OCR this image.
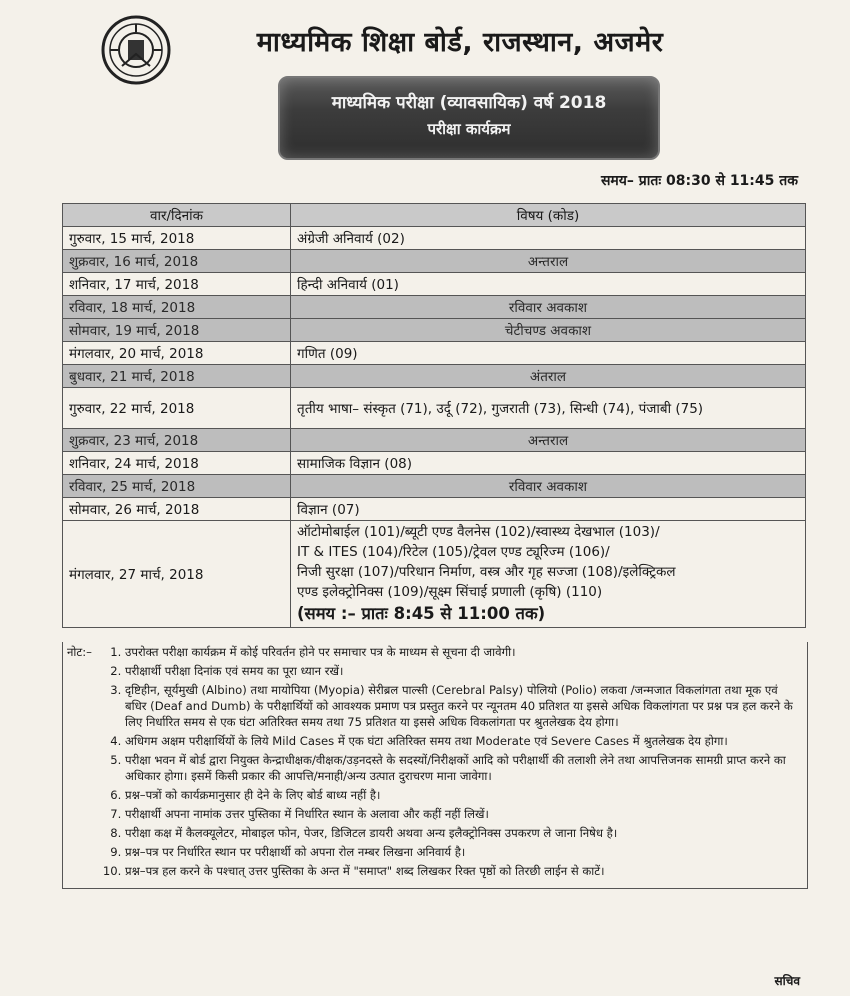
माध्यमिक शिक्षा बोर्ड, राजस्थान, अजमेर
माध्यमिक परीक्षा (व्यावसायिक) वर्ष 2018
परीक्षा कार्यक्रम
समय– प्रातः 08:30 से 11:45 तक
वार/दिनांक	विषय (कोड)
गुरुवार, 15 मार्च, 2018	अंग्रेजी अनिवार्य (02)
शुक्रवार, 16 मार्च, 2018	अन्तराल
शनिवार, 17 मार्च, 2018	हिन्दी अनिवार्य (01)
रविवार, 18 मार्च, 2018	रविवार अवकाश
सोमवार, 19 मार्च, 2018	चेटीचण्ड अवकाश
मंगलवार, 20 मार्च, 2018	गणित (09)
बुधवार, 21 मार्च, 2018	अंतराल
गुरुवार, 22 मार्च, 2018	तृतीय भाषा– संस्कृत (71), उर्दू (72), गुजराती (73), सिन्धी (74), पंजाबी (75)
शुक्रवार, 23 मार्च, 2018	अन्तराल
शनिवार, 24 मार्च, 2018	सामाजिक विज्ञान (08)
रविवार, 25 मार्च, 2018	रविवार अवकाश
सोमवार, 26 मार्च, 2018	विज्ञान (07)
मंगलवार, 27 मार्च, 2018	ऑटोमोबाईल (101)/ब्यूटी एण्ड वैलनेस (102)/स्वास्थ्य देखभाल (103)/
IT & ITES (104)/रिटेल (105)/ट्रेवल एण्ड ट्यूरिज्म (106)/
निजी सुरक्षा (107)/परिधान निर्माण, वस्त्र और गृह सज्जा (108)/इलेक्ट्रिकल
एण्ड इलेक्ट्रोनिक्स (109)/सूक्ष्म सिंचाई प्रणाली (कृषि) (110)
(समय :– प्रातः 8:45 से 11:00 तक)
नोट:–	1. उपरोक्त परीक्षा कार्यक्रम में कोई परिवर्तन होने पर समाचार पत्र के माध्यम से सूचना दी जावेगी।
2. परीक्षार्थी परीक्षा दिनांक एवं समय का पूरा ध्यान रखें।
3. दृष्टिहीन, सूर्यमुखी (Albino) तथा मायोपिया (Myopia) सेरीब्रल पाल्सी (Cerebral Palsy) पोलियो (Polio) लकवा /जन्मजात विकलांगता तथा मूक एवं बधिर (Deaf and Dumb) के परीक्षार्थियों को आवश्यक प्रमाण पत्र प्रस्तुत करने पर न्यूनतम 40 प्रतिशत या इससे अधिक विकलांगता पर प्रश्न पत्र हल करने के लिए निर्धारित समय से एक घंटा अतिरिक्त समय तथा 75 प्रतिशत या इससे अधिक विकलांगता पर श्रुतलेखक देय होगा।
4. अधिगम अक्षम परीक्षार्थियों के लिये Mild Cases में एक घंटा अतिरिक्त समय तथा Moderate एवं Severe Cases में श्रुतलेखक देय होगा।
5. परीक्षा भवन में बोर्ड द्वारा नियुक्त केन्द्राधीक्षक/वीक्षक/उड़नदस्ते के सदस्यों/निरीक्षकों आदि को परीक्षार्थी की तलाशी लेने तथा आपत्तिजनक सामग्री प्राप्त करने का अधिकार होगा। इसमें किसी प्रकार की आपत्ति/मनाही/अन्य उत्पात दुराचरण माना जावेगा।
6. प्रश्न–पत्रों को कार्यक्रमानुसार ही देने के लिए बोर्ड बाध्य नहीं है।
7. परीक्षार्थी अपना नामांक उत्तर पुस्तिका में निर्धारित स्थान के अलावा और कहीं नहीं लिखें।
8. परीक्षा कक्ष में कैलक्यूलेटर, मोबाइल फोन, पेजर, डिजिटल डायरी अथवा अन्य इलैक्ट्रोनिक्स उपकरण ले जाना निषेध है।
9. प्रश्न–पत्र पर निर्धारित स्थान पर परीक्षार्थी को अपना रोल नम्बर लिखना अनिवार्य है।
10. प्रश्न–पत्र हल करने के पश्चात् उत्तर पुस्तिका के अन्त में "समाप्त" शब्द लिखकर रिक्त पृष्ठों को तिरछी लाईन से काटें।
सचिव
